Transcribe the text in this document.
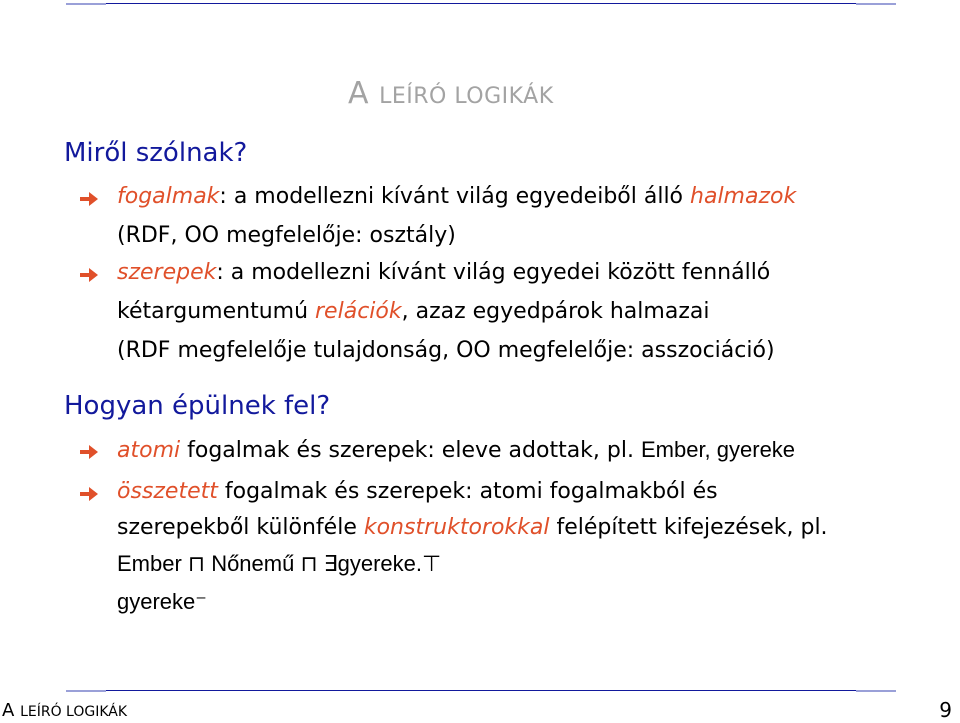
A LEÍRÓ LOGIKÁK
Miről szólnak?
fogalmak: a modellezni kívánt világ egyedeiből álló halmazok
(RDF, OO megfelelője: osztály)
szerepek: a modellezni kívánt világ egyedei között fennálló
kétargumentumú relációk, azaz egyedpárok halmazai
(RDF megfelelője tulajdonság, OO megfelelője: asszociáció)
Hogyan épülnek fel?
atomi fogalmak és szerepek: eleve adottak, pl. Ember, gyereke
összetett fogalmak és szerepek: atomi fogalmakból és
szerepekből különféle konstruktorokkal felépített kifejezések, pl.
Ember ⊓ Nőnemű ⊓ ∃gyereke.⊤
gyereke⁻
A LEÍRÓ LOGIKÁK	9
